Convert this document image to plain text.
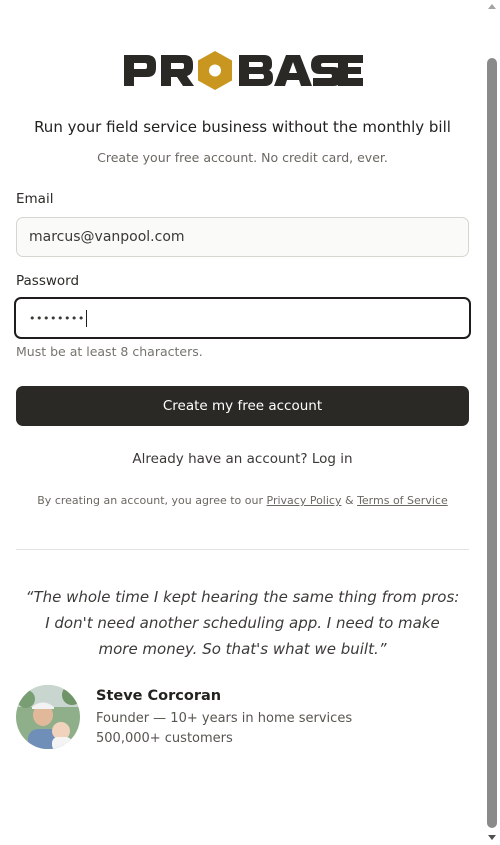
Run your field service business without the monthly bill
Create your free account. No credit card, ever.
Email
marcus@vanpool.com
Password
••••••••
Must be at least 8 characters.
Create my free account
Already have an account? Log in
By creating an account, you agree to our Privacy Policy & Terms of Service
“The whole time I kept hearing the same thing from pros: I don't need another scheduling app. I need to make more money. So that's what we built.”
Steve Corcoran
Founder — 10+ years in home services
500,000+ customers
